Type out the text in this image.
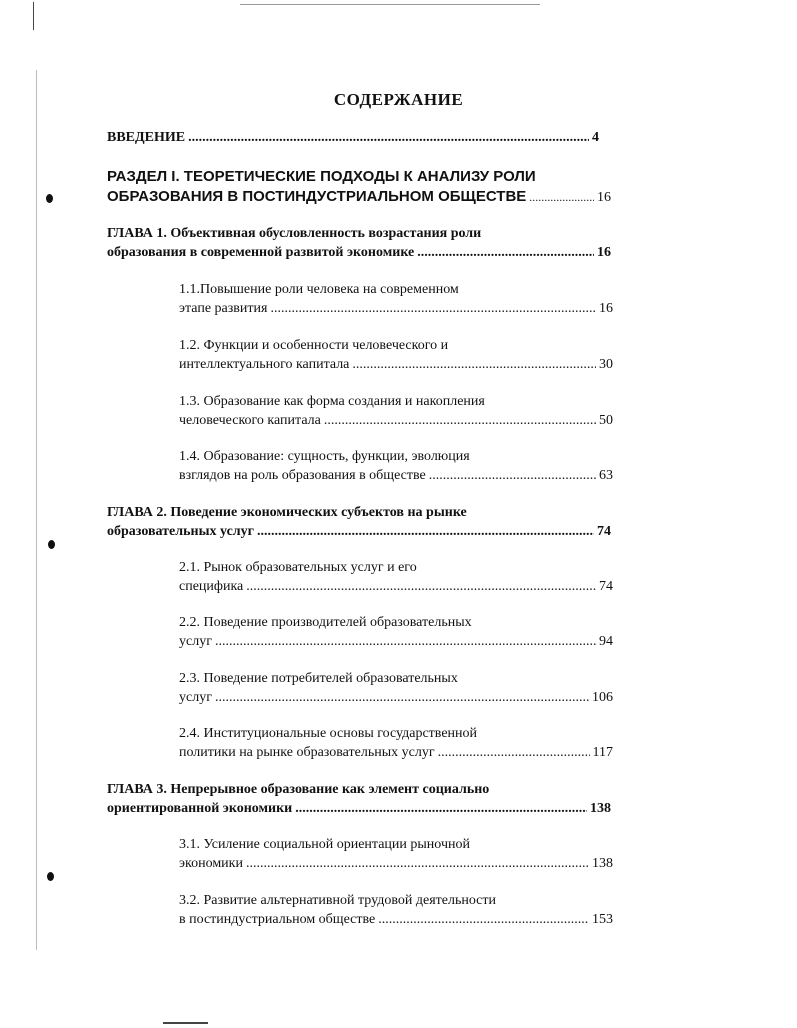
СОДЕРЖАНИЕ
ВВЕДЕНИЕ .....	4
РАЗДЕЛ I. ТЕОРЕТИЧЕСКИЕ ПОДХОДЫ К АНАЛИЗУ РОЛИ
ОБРАЗОВАНИЯ В ПОСТИНДУСТРИАЛЬНОМ ОБЩЕСТВЕ .....	16
ГЛАВА 1. Объективная обусловленность возрастания роли
образования в современной развитой экономике .....	16
1.1.Повышение роли человека на современном
этапе развития .....	16
1.2. Функции и особенности человеческого и
интеллектуального капитала .....	30
1.3. Образование как форма создания и накопления
человеческого капитала .....	50
1.4. Образование: сущность, функции, эволюция
взглядов на роль образования в обществе .....	63
ГЛАВА 2. Поведение экономических субъектов на рынке
образовательных услуг .....	74
2.1. Рынок образовательных услуг и его
специфика .....	74
2.2. Поведение производителей образовательных
услуг .....	94
2.3. Поведение потребителей образовательных
услуг .....	106
2.4. Институциональные основы государственной
политики на рынке образовательных услуг .....	117
ГЛАВА 3. Непрерывное образование как элемент социально
ориентированной экономики .....	138
3.1. Усиление социальной ориентации рыночной
экономики .....	138
3.2. Развитие альтернативной трудовой деятельности
в постиндустриальном обществе .....	153
